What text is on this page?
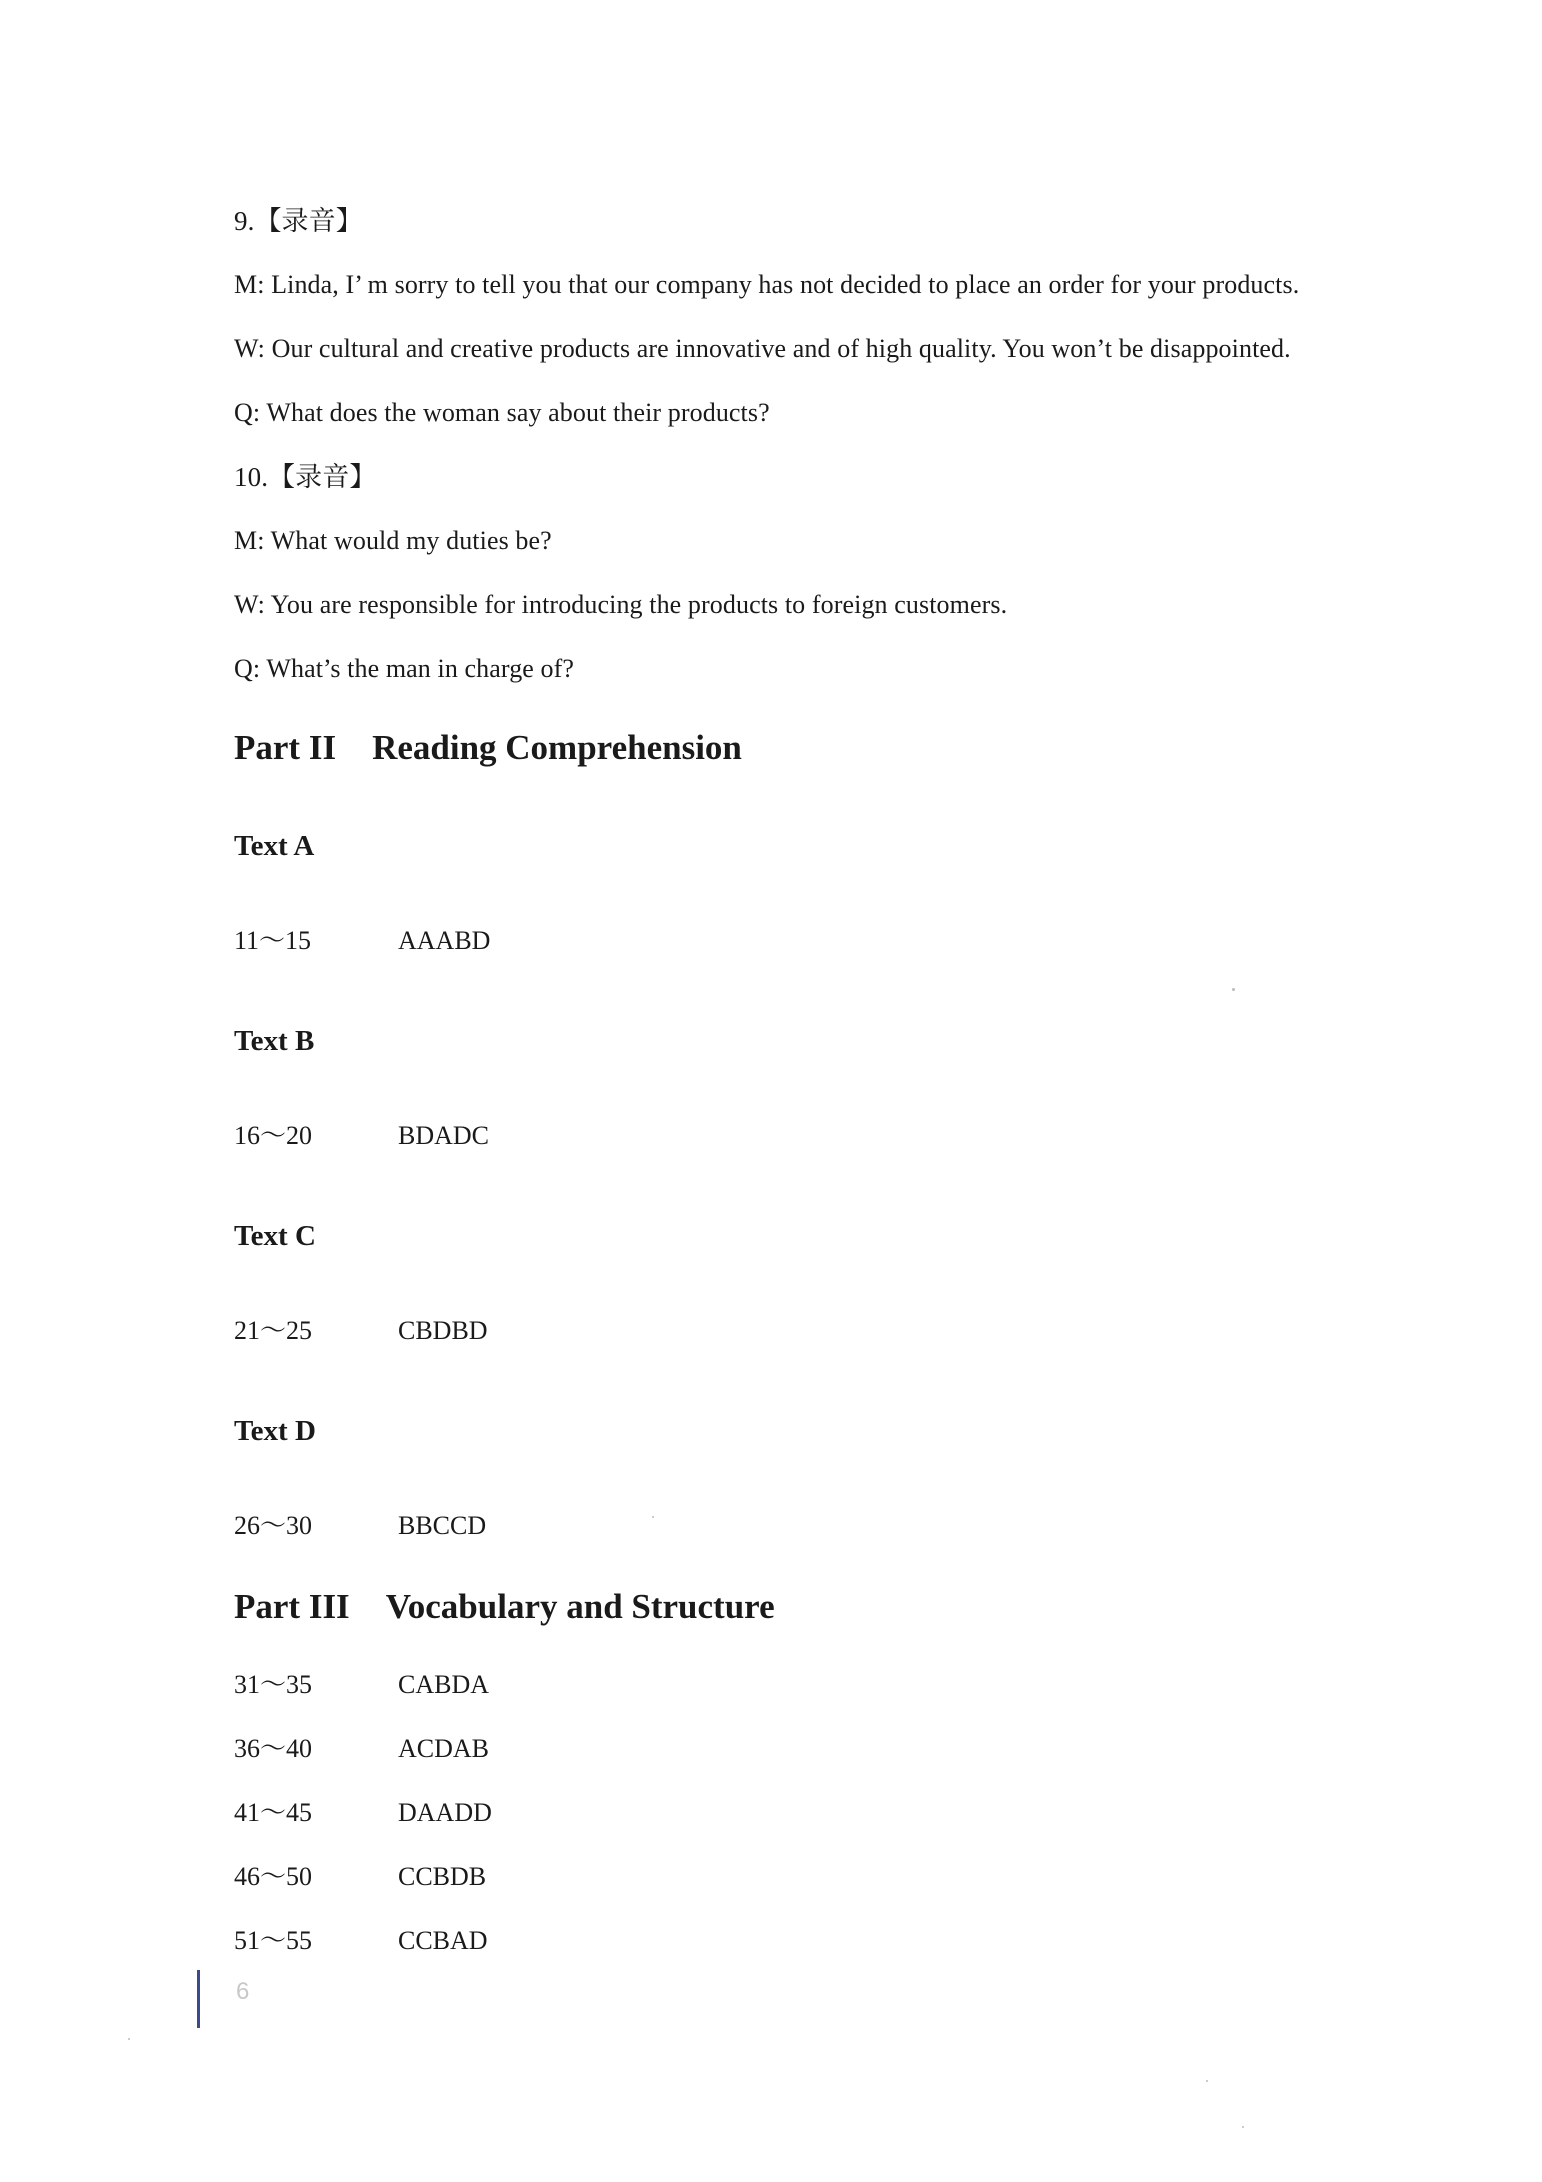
9.【录音】
M: Linda, I’ m sorry to tell you that our company has not decided to place an order for your products.
W: Our cultural and creative products are innovative and of high quality. You won’t be disappointed.
Q: What does the woman say about their products?
10.【录音】
M: What would my duties be?
W: You are responsible for introducing the products to foreign customers.
Q: What’s the man in charge of?
Part II Reading Comprehension
Text A
11～15	AAABD
Text B
16～20	BDADC
Text C
21～25	CBDBD
Text D
26～30	BBCCD
Part III Vocabulary and Structure
31～35	CABDA
36～40	ACDAB
41～45	DAADD
46～50	CCBDB
51～55	CCBAD
6
